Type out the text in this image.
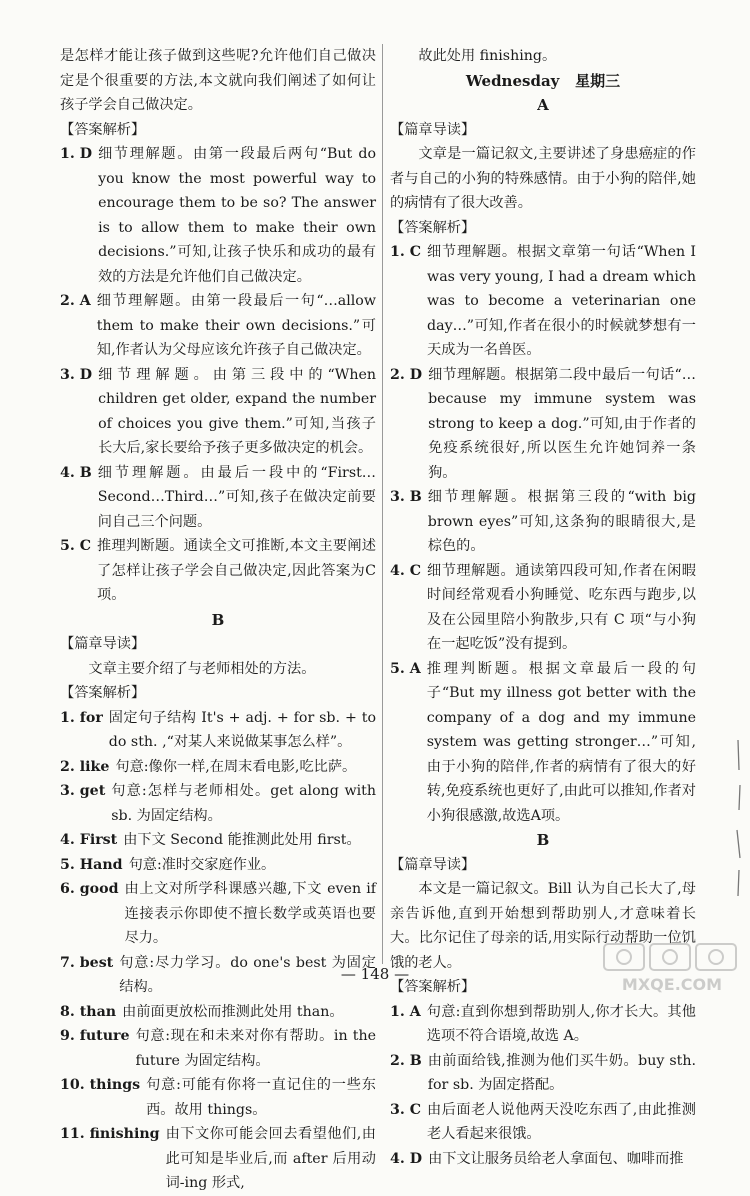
是怎样才能让孩子做到这些呢?允许他们自己做决定是个很重要的方法,本文就向我们阐述了如何让孩子学会自己做决定。

【答案解析】
1. D 细节理解题。由第一段最后两句“But do you know the most powerful way to encourage them to be so? The answer is to allow them to make their own decisions.”可知,让孩子快乐和成功的最有效的方法是允许他们自己做决定。
2. A 细节理解题。由第一段最后一句“…allow them to make their own decisions.”可知,作者认为父母应该允许孩子自己做决定。
3. D 细节理解题。由第三段中的“When children get older, expand the number of choices you give them.”可知,当孩子长大后,家长要给予孩子更多做决定的机会。
4. B 细节理解题。由最后一段中的“First… Second…Third…”可知,孩子在做决定前要问自己三个问题。
5. C 推理判断题。通读全文可推断,本文主要阐述了怎样让孩子学会自己做决定,因此答案为C项。
B
【篇章导读】

文章主要介绍了与老师相处的方法。

【答案解析】
1. for 固定句子结构 It's + adj. + for sb. + to do sth. ,“对某人来说做某事怎么样”。
2. like 句意:像你一样,在周末看电影,吃比萨。
3. get 句意:怎样与老师相处。get along with sb. 为固定结构。
4. First 由下文 Second 能推测此处用 first。
5. Hand 句意:准时交家庭作业。
6. good 由上文对所学科课感兴趣,下文 even if 连接表示你即使不擅长数学或英语也要尽力。
7. best 句意:尽力学习。do one's best 为固定结构。
8. than 由前面更放松而推测此处用 than。
9. future 句意:现在和未来对你有帮助。in the future 为固定结构。
10. things 句意:可能有你将一直记住的一些东西。故用 things。
11. finishing 由下文你可能会回去看望他们,由此可知是毕业后,而 after 后用动词-ing 形式,

故此处用 finishing。

Wednesday 星期三
A
【篇章导读】

文章是一篇记叙文,主要讲述了身患癌症的作者与自己的小狗的特殊感情。由于小狗的陪伴,她的病情有了很大改善。

【答案解析】
1. C 细节理解题。根据文章第一句话“When I was very young, I had a dream which was to become a veterinarian one day…”可知,作者在很小的时候就梦想有一天成为一名兽医。
2. D 细节理解题。根据第二段中最后一句话“…because my immune system was strong to keep a dog.”可知,由于作者的免疫系统很好,所以医生允许她饲养一条狗。
3. B 细节理解题。根据第三段的“with big brown eyes”可知,这条狗的眼睛很大,是棕色的。
4. C 细节理解题。通读第四段可知,作者在闲暇时间经常观看小狗睡觉、吃东西与跑步,以及在公园里陪小狗散步,只有 C 项“与小狗在一起吃饭”没有提到。
5. A 推理判断题。根据文章最后一段的句子“But my illness got better with the company of a dog and my immune system was getting stronger…”可知,由于小狗的陪伴,作者的病情有了很大的好转,免疫系统也更好了,由此可以推知,作者对小狗很感激,故选A项。
B
【篇章导读】

本文是一篇记叙文。Bill 认为自己长大了,母亲告诉他,直到开始想到帮助别人,才意味着长大。比尔记住了母亲的话,用实际行动帮助一位饥饿的老人。

【答案解析】
1. A 句意:直到你想到帮助别人,你才长大。其他选项不符合语境,故选 A。
2. B 由前面给钱,推测为他们买牛奶。buy sth. for sb. 为固定搭配。
3. C 由后面老人说他两天没吃东西了,由此推测老人看起来很饿。
4. D 由下文让服务员给老人拿面包、咖啡而推
— 148 —
MXQE.COM
